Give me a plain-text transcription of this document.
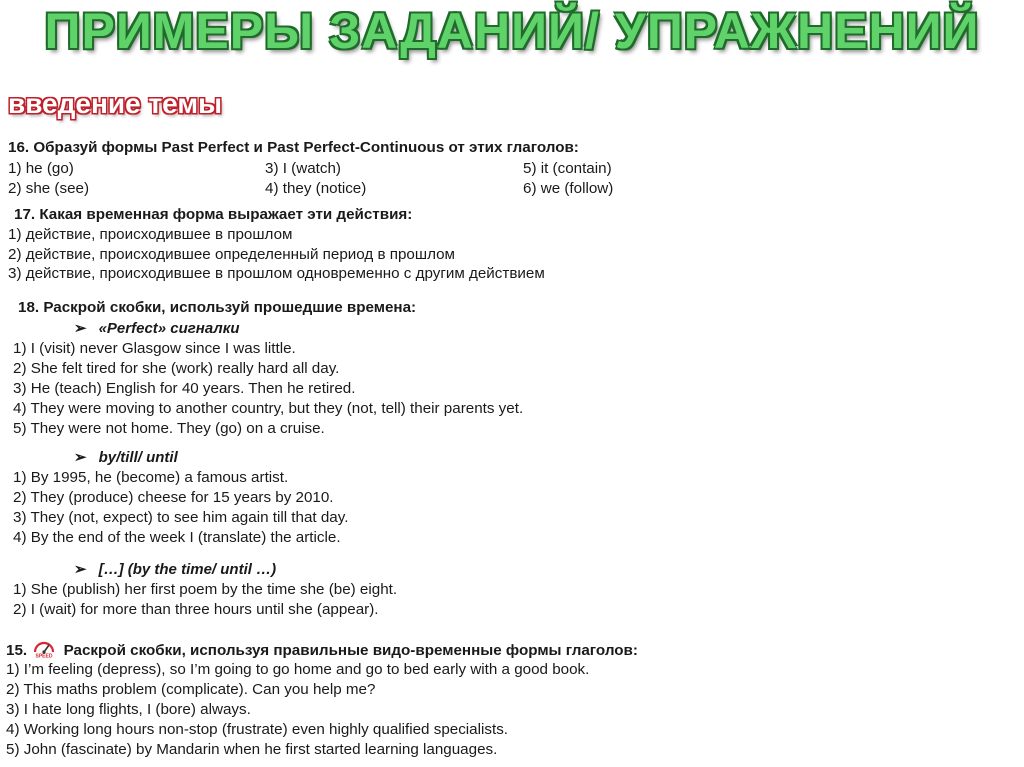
ПРИМЕРЫ ЗАДАНИЙ/ УПРАЖНЕНИЙ
введение темы
16. Образуй формы Past Perfect и Past Perfect-Continuous от этих глаголов:
1) he (go)
2) she (see)
3) I (watch)
4) they (notice)
5) it (contain)
6) we (follow)
17. Какая временная форма выражает эти действия:
1) действие, происходившее в прошлом
2) действие, происходившее определенный период в прошлом
3) действие, происходившее в прошлом одновременно с другим действием
18. Раскрой скобки, используй прошедшие времена:
➢ «Perfect» сигналки
1) I (visit) never Glasgow since I was little.
2) She felt tired for she (work) really hard all day.
3) He (teach) English for 40 years. Then he retired.
4) They were moving to another country, but they (not, tell) their parents yet.
5) They were not home. They (go) on a cruise.
➢ by/till/ until
1) By 1995, he (become) a famous artist.
2) They (produce) cheese for 15 years by 2010.
3) They (not, expect) to see him again till that day.
4) By the end of the week I (translate) the article.
➢ […] (by the time/ until …)
1) She (publish) her first poem by the time she (be) eight.
2) I (wait) for more than three hours until she (appear).
15. SPEED Раскрой скобки, используя правильные видо-временные формы глаголов:
1) I’m feeling (depress), so I’m going to go home and go to bed early with a good book.
2) This maths problem (complicate). Can you help me?
3) I hate long flights, I (bore) always.
4) Working long hours non-stop (frustrate) even highly qualified specialists.
5) John (fascinate) by Mandarin when he first started learning languages.
